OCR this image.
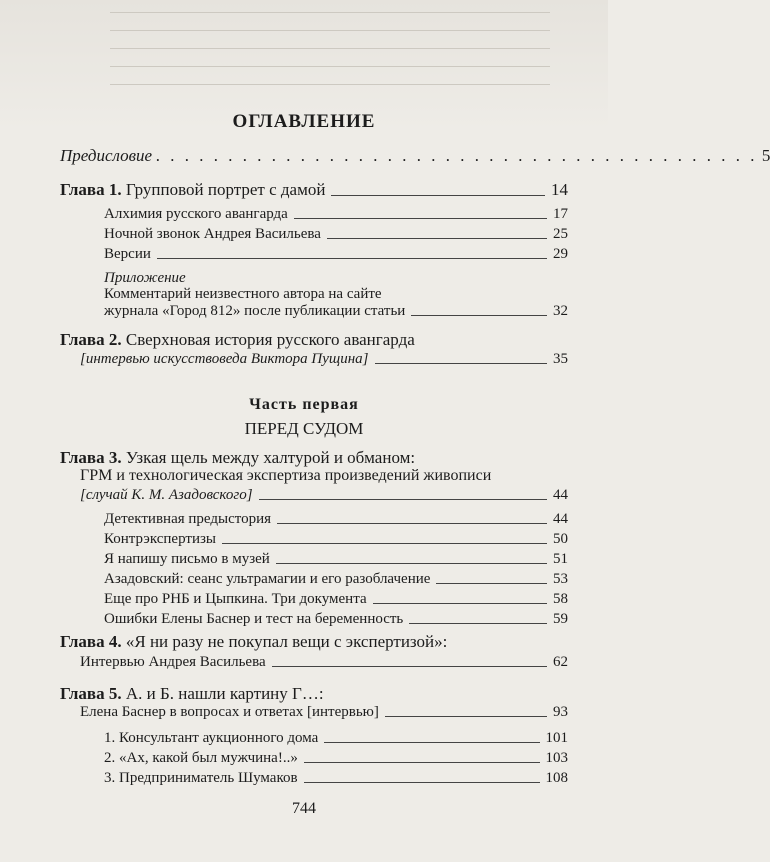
ОГЛАВЛЕНИЕ
Предисловие . . . . . . . . . . . . . . . . . . . . . . . . . . . . . . . . . . . . . . . . . . 5
Глава 1. Групповой портрет с дамой	14
Алхимия русского авангарда	17
Ночной звонок Андрея Васильева	25
Версии	29
Приложение
Комментарий неизвестного автора на сайте
журнала «Город 812» после публикации статьи	32
Глава 2. Сверхновая история русского авангарда
[интервью искусствоведа Виктора Пущина]	35
Часть первая
ПЕРЕД СУДОМ
Глава 3. Узкая щель между халтурой и обманом:
ГРМ и технологическая экспертиза произведений живописи
[случай К. М. Азадовского]	44
Детективная предыстория	44
Контрэкспертизы	50
Я напишу письмо в музей	51
Азадовский: сеанс ультрамагии и его разоблачение	53
Еще про РНБ и Цыпкина. Три документа	58
Ошибки Елены Баснер и тест на беременность	59
Глава 4. «Я ни разу не покупал вещи с экспертизой»:
Интервью Андрея Васильева	62
Глава 5. А. и Б. нашли картину Г…:
Елена Баснер в вопросах и ответах [интервью]	93
1. Консультант аукционного дома	101
2. «Ах, какой был мужчина!..»	103
3. Предприниматель Шумаков	108
744
